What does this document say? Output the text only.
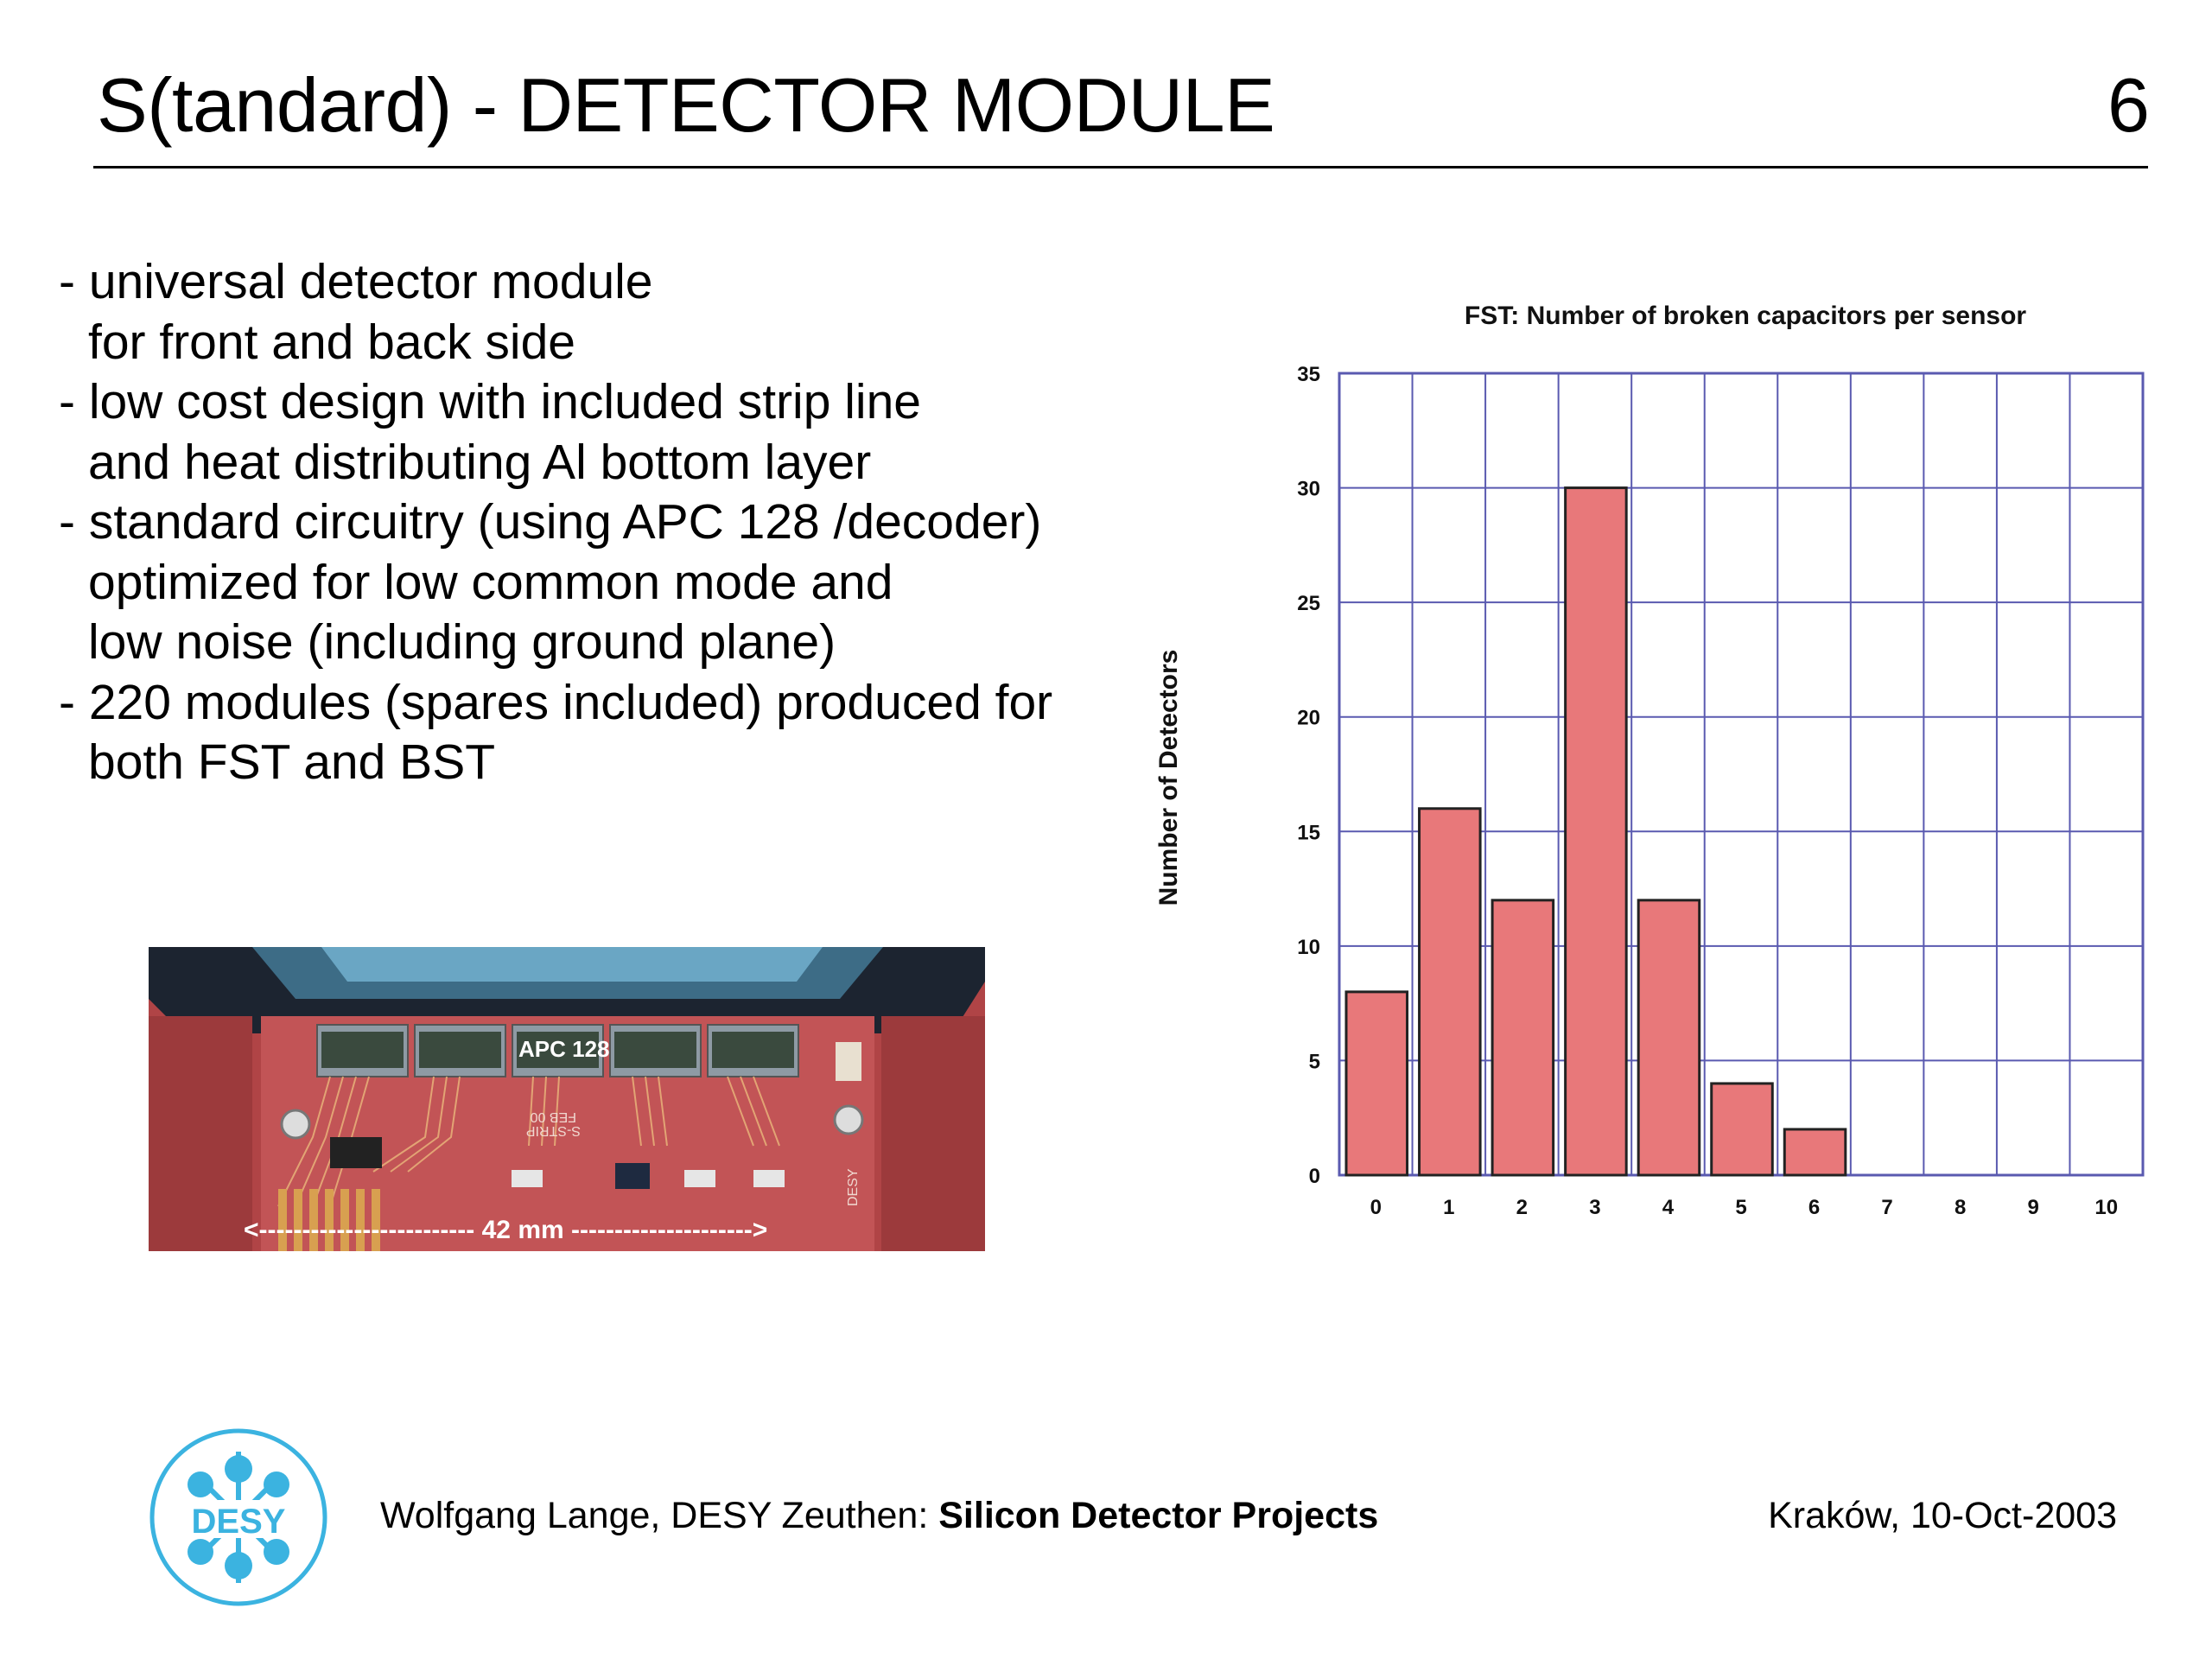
S(tandard) - DETECTOR MODULE	6
- universal detector module
for front and back side
- low cost design with included strip line
and heat distributing Al bottom layer
- standard circuitry (using APC 128 /decoder)
optimized for low common mode and
low noise (including ground plane)
- 220 modules (spares included) produced for
both FST and BST
APC 128
S-STRIP
FEB 00
DESY
<------------------------- 42 mm --------------------->
FST: Number of broken capacitors per sensor
Number of Detectors
0
5
10
15
20
25
30
35
0	1	2	3	4	5	6	7	8	9	10
DESY	Wolfgang Lange, DESY Zeuthen: Silicon Detector Projects	Kraków, 10-Oct-2003
